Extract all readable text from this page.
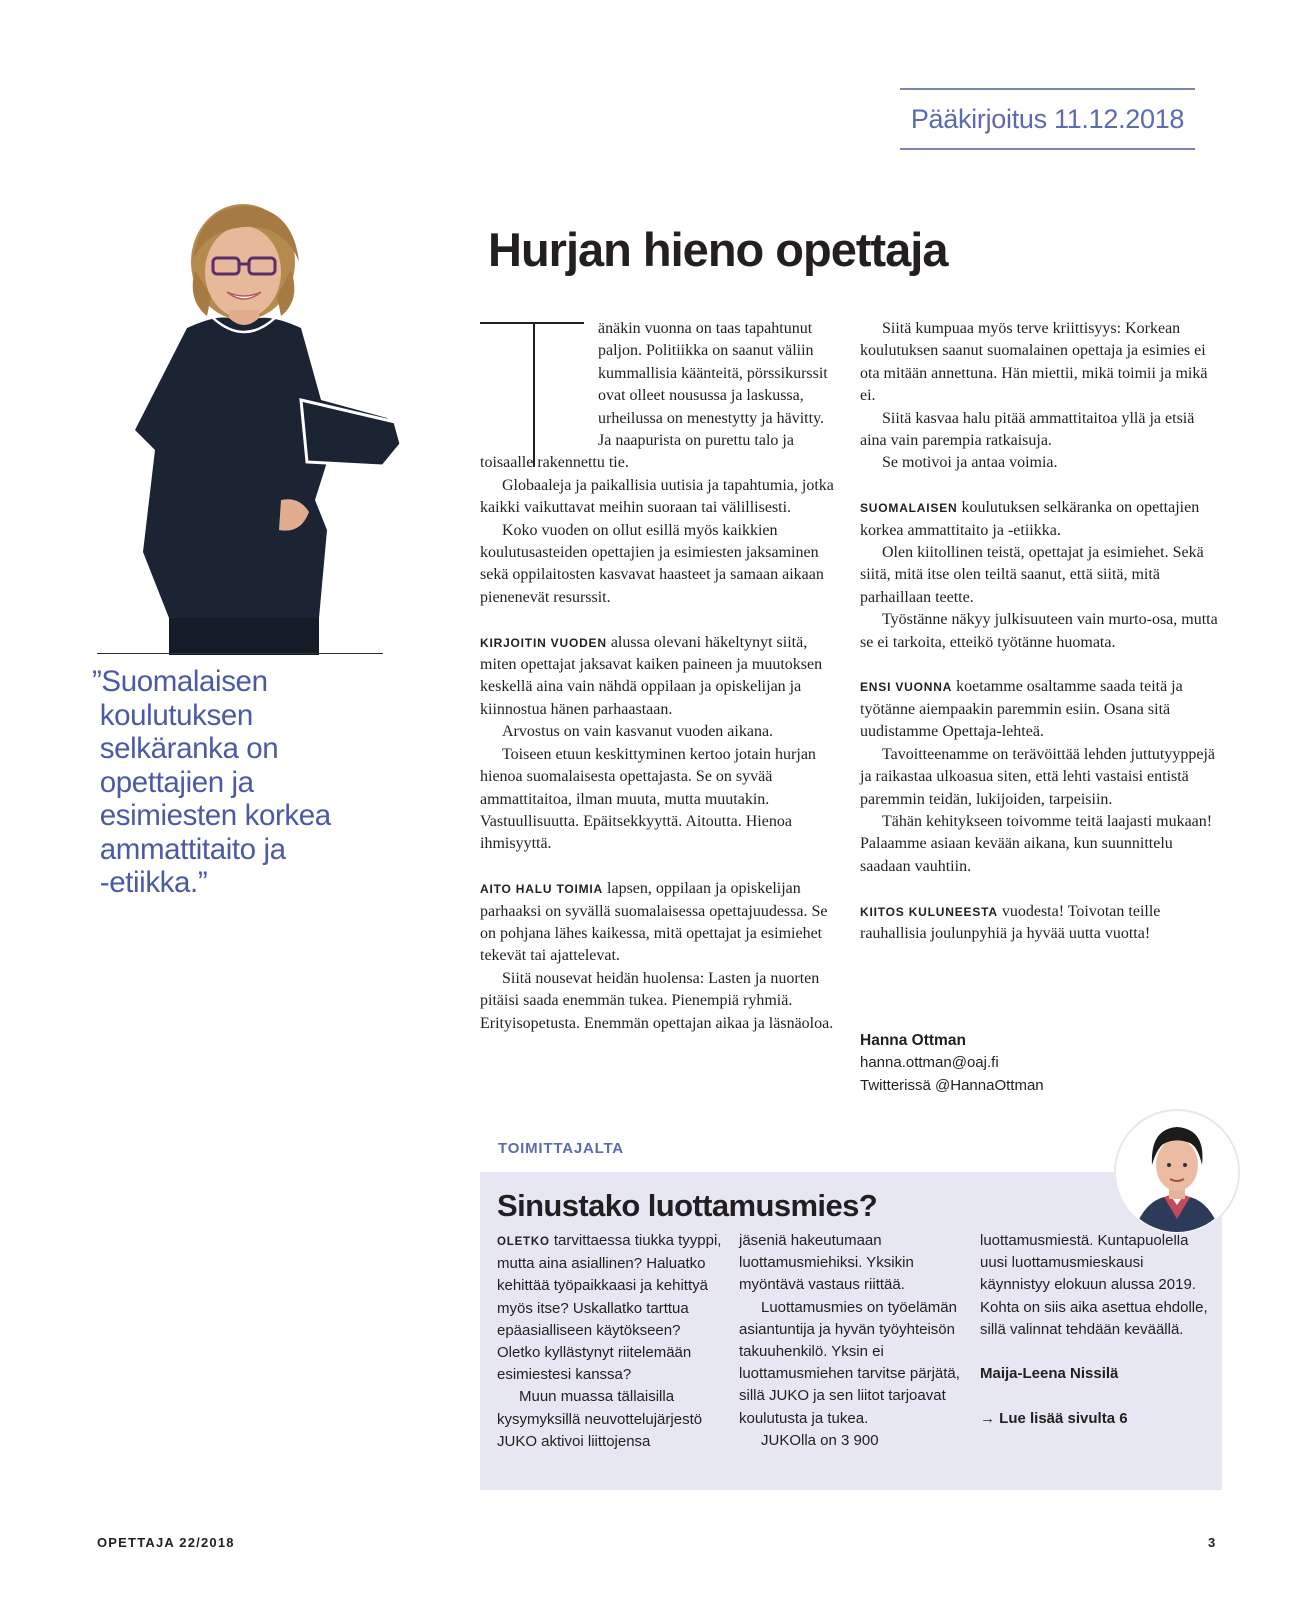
Pääkirjoitus 11.12.2018
”Suomalaisen
koulutuksen
selkäranka on
opettajien ja
esimiesten korkea
ammattitaito ja
-etiikka.”
Hurjan hieno opettaja

änäkin vuonna on taas tapahtunut paljon. Politiikka on saanut väliin kummallisia käänteitä, pörssikurssit ovat olleet nousussa ja laskussa, urheilussa on menestytty ja hävitty. Ja naapurista on purettu talo ja

toisaalle rakennettu tie.

Globaaleja ja paikallisia uutisia ja tapahtumia, jotka kaikki vaikuttavat meihin suoraan tai välillisesti.

Koko vuoden on ollut esillä myös kaikkien koulutusasteiden opettajien ja esimiesten jaksaminen sekä oppilaitosten kasvavat haasteet ja samaan aikaan pienenevät resurssit.

KIRJOITIN VUODEN alussa olevani häkeltynyt siitä, miten opettajat jaksavat kaiken paineen ja muutoksen keskellä aina vain nähdä oppilaan ja opiskelijan ja kiinnostua hänen parhaastaan.

Arvostus on vain kasvanut vuoden aikana.

Toiseen etuun keskittyminen kertoo jotain hurjan hienoa suomalaisesta opettajasta. Se on syvää ammattitaitoa, ilman muuta, mutta muutakin. Vastuullisuutta. Epäitsekkyyttä. Aitoutta. Hienoa ihmisyyttä.

AITO HALU TOIMIA lapsen, oppilaan ja opiskelijan parhaaksi on syvällä suomalaisessa opettajuudessa. Se on pohjana lähes kaikessa, mitä opettajat ja esimiehet tekevät tai ajattelevat.

Siitä nousevat heidän huolensa: Lasten ja nuorten pitäisi saada enemmän tukea. Pienempiä ryhmiä. Erityisopetusta. Enemmän opettajan aikaa ja läsnäoloa.

Siitä kumpuaa myös terve kriittisyys: Korkean koulutuksen saanut suomalainen opettaja ja esimies ei ota mitään annettuna. Hän miettii, mikä toimii ja mikä ei.

Siitä kasvaa halu pitää ammattitaitoa yllä ja etsiä aina vain parempia ratkaisuja.

Se motivoi ja antaa voimia.

SUOMALAISEN koulutuksen selkäranka on opettajien korkea ammattitaito ja -etiikka.

Olen kiitollinen teistä, opettajat ja esimiehet. Sekä siitä, mitä itse olen teiltä saanut, että siitä, mitä parhaillaan teette.

Työstänne näkyy julkisuuteen vain murto-osa, mutta se ei tarkoita, etteikö työtänne huomata.

ENSI VUONNA koetamme osaltamme saada teitä ja työtänne aiempaakin paremmin esiin. Osana sitä uudistamme Opettaja-lehteä.

Tavoitteenamme on terävöittää lehden juttutyyppejä ja raikastaa ulkoasua siten, että lehti vastaisi entistä paremmin teidän, lukijoiden, tarpeisiin.

Tähän kehitykseen toivomme teitä laajasti mukaan! Palaamme asiaan kevään aikana, kun suunnittelu saadaan vauhtiin.

KIITOS KULUNEESTA vuodesta! Toivotan teille rauhallisia joulunpyhiä ja hyvää uutta vuotta!

Hanna Ottman
hanna.ottman@oaj.fi
Twitterissä @HannaOttman
TOIMITTAJALTA
Sinustako luottamusmies?

OLETKO tarvittaessa tiukka tyyppi, mutta aina asiallinen? Haluatko kehittää työpaikkaasi ja kehittyä myös itse? Uskallatko tarttua epäasialliseen käytökseen? Oletko kyllästynyt riitelemään esimiestesi kanssa?

Muun muassa tällaisilla kysymyksillä neuvottelujärjestö JUKO aktivoi liittojensa

jäseniä hakeutumaan luottamusmiehiksi. Yksikin myöntävä vastaus riittää.

Luottamusmies on työelämän asiantuntija ja hyvän työyhteisön takuuhenkilö. Yksin ei luottamusmiehen tarvitse pärjätä, sillä JUKO ja sen liitot tarjoavat koulutusta ja tukea.

JUKOlla on 3 900

luottamusmiestä. Kuntapuolella uusi luottamusmieskausi käynnistyy elokuun alussa 2019. Kohta on siis aika asettua ehdolle, sillä valinnat tehdään keväällä.

Maija-Leena Nissilä

→ Lue lisää sivulta 6

OPETTAJA 22/2018	3
